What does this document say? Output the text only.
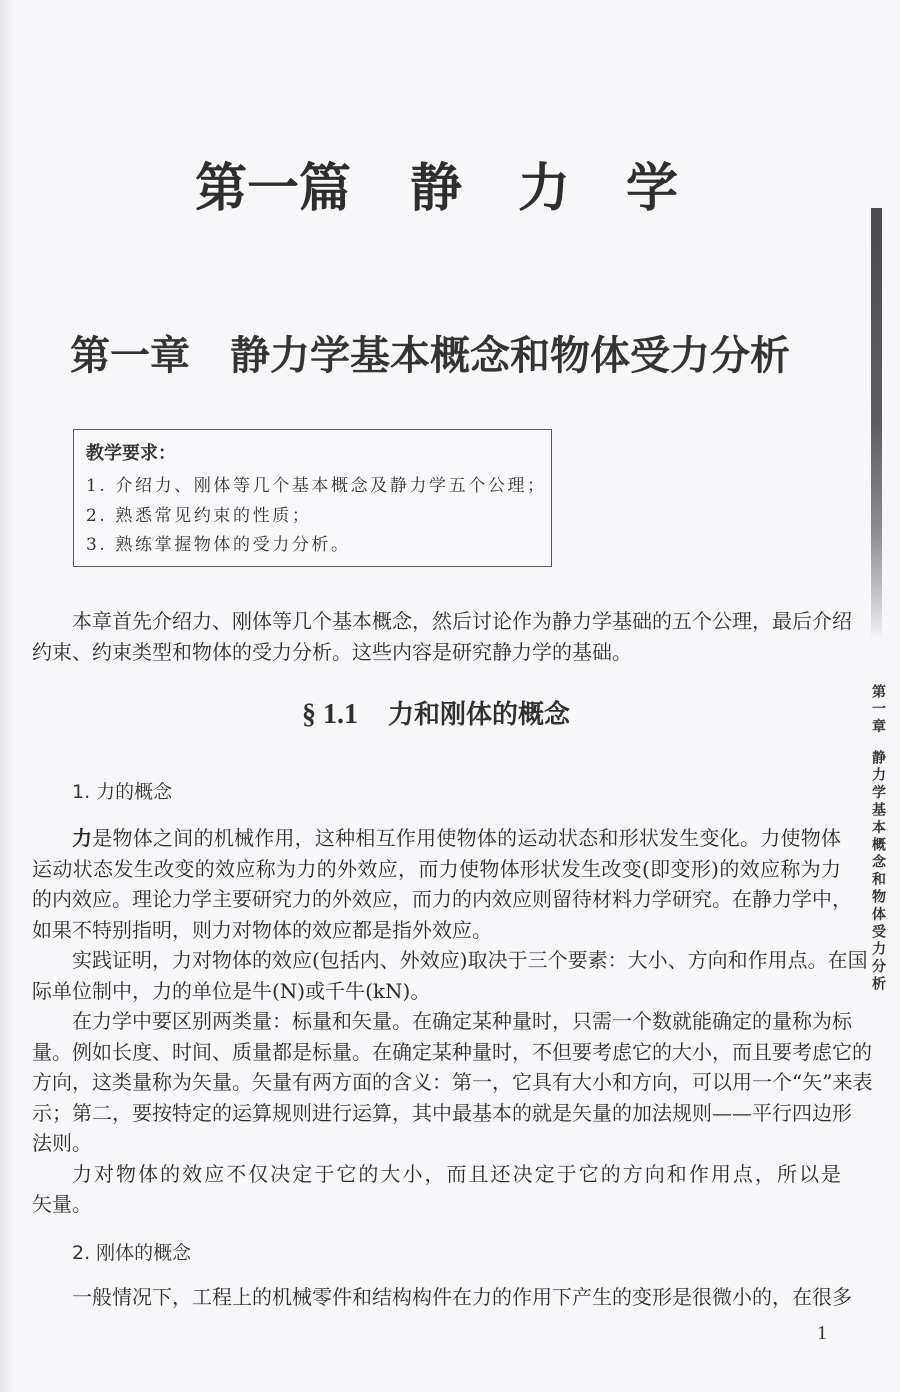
第一篇 静力学
第一章 静力学基本概念和物体受力分析
教学要求：
1. 介绍力、刚体等几个基本概念及静力学五个公理；
2. 熟悉常见约束的性质；
3. 熟练掌握物体的受力分析。
本章首先介绍力、刚体等几个基本概念，然后讨论作为静力学基础的五个公理，最后介绍
约束、约束类型和物体的受力分析。这些内容是研究静力学的基础。
§ 1.1 力和刚体的概念
1. 力的概念
力是物体之间的机械作用，这种相互作用使物体的运动状态和形状发生变化。力使物体
运动状态发生改变的效应称为力的外效应，而力使物体形状发生改变(即变形)的效应称为力
的内效应。理论力学主要研究力的外效应，而力的内效应则留待材料力学研究。在静力学中，
如果不特别指明，则力对物体的效应都是指外效应。
实践证明，力对物体的效应(包括内、外效应)取决于三个要素：大小、方向和作用点。在国
际单位制中，力的单位是牛(N)或千牛(kN)。
在力学中要区别两类量：标量和矢量。在确定某种量时，只需一个数就能确定的量称为标
量。例如长度、时间、质量都是标量。在确定某种量时，不但要考虑它的大小，而且要考虑它的
方向，这类量称为矢量。矢量有两方面的含义：第一，它具有大小和方向，可以用一个“矢”来表
示；第二，要按特定的运算规则进行运算，其中最基本的就是矢量的加法规则——平行四边形
法则。
力对物体的效应不仅决定于它的大小，而且还决定于它的方向和作用点，所以是
矢量。
2. 刚体的概念
一般情况下，工程上的机械零件和结构构件在力的作用下产生的变形是很微小的，在很多
1
第一章静力学基本概念和物体受力分析
